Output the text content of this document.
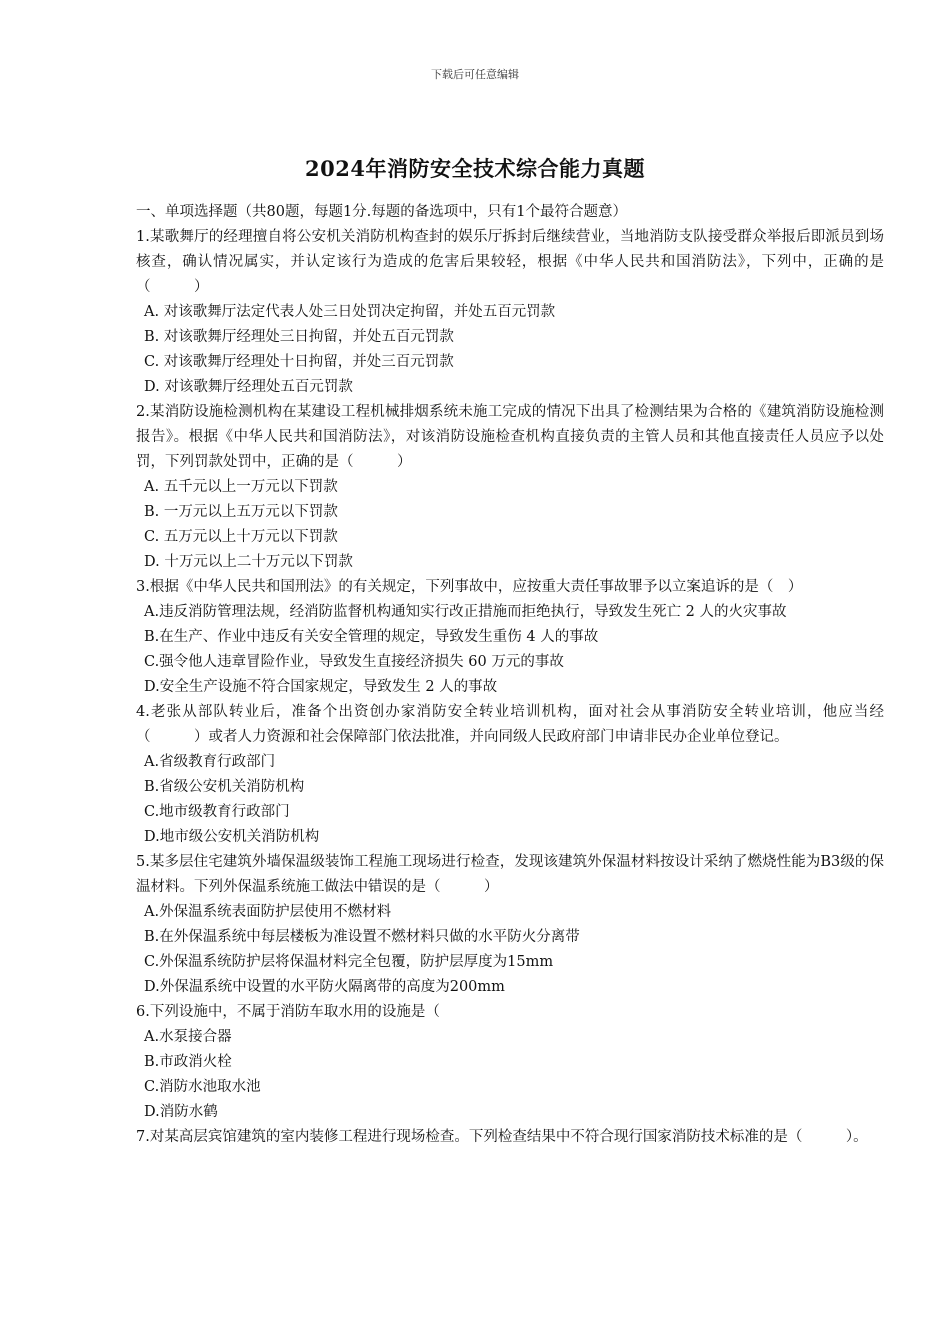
下载后可任意编辑
2024年消防安全技术综合能力真题

一、单项选择题（共80题，每题1分.每题的备选项中，只有1个最符合题意）

1.某歌舞厅的经理擅自将公安机关消防机构查封的娱乐厅拆封后继续营业，当地消防支队接受群众举报后即派员到场核查，确认情况属实，并认定该行为造成的危害后果较轻，根据《中华人民共和国消防法》，下列中，正确的是（　　　）

A. 对该歌舞厅法定代表人处三日处罚决定拘留，并处五百元罚款

B. 对该歌舞厅经理处三日拘留，并处五百元罚款

C. 对该歌舞厅经理处十日拘留，并处三百元罚款

D. 对该歌舞厅经理处五百元罚款

2.某消防设施检测机构在某建设工程机械排烟系统未施工完成的情况下出具了检测结果为合格的《建筑消防设施检测报告》。根据《中华人民共和国消防法》，对该消防设施检查机构直接负责的主管人员和其他直接责任人员应予以处罚，下列罚款处罚中，正确的是（　　　）

A. 五千元以上一万元以下罚款

B. 一万元以上五万元以下罚款

C. 五万元以上十万元以下罚款

D. 十万元以上二十万元以下罚款

3.根据《中华人民共和国刑法》的有关规定，下列事故中，应按重大责任事故罪予以立案追诉的是（　）

A.违反消防管理法规，经消防监督机构通知实行改正措施而拒绝执行，导致发生死亡 2 人的火灾事故

B.在生产、作业中违反有关安全管理的规定，导致发生重伤 4 人的事故

C.强令他人违章冒险作业，导致发生直接经济损失 60 万元的事故

D.安全生产设施不符合国家规定，导致发生 2 人的事故

4.老张从部队转业后，准备个出资创办家消防安全转业培训机构，面对社会从事消防安全转业培训，他应当经（　　　）或者人力资源和社会保障部门依法批准，并向同级人民政府部门申请非民办企业单位登记。

A.省级教育行政部门

B.省级公安机关消防机构

C.地市级教育行政部门

D.地市级公安机关消防机构

5.某多层住宅建筑外墙保温级装饰工程施工现场进行检查，发现该建筑外保温材料按设计采纳了燃烧性能为B3级的保温材料。下列外保温系统施工做法中错误的是（　　　）

A.外保温系统表面防护层使用不燃材料

B.在外保温系统中每层楼板为准设置不燃材料只做的水平防火分离带

C.外保温系统防护层将保温材料完全包覆，防护层厚度为15mm

D.外保温系统中设置的水平防火隔离带的高度为200mm

6.下列设施中，不属于消防车取水用的设施是（

A.水泵接合器

B.市政消火栓

C.消防水池取水池

D.消防水鹤

7.对某高层宾馆建筑的室内装修工程进行现场检查。下列检查结果中不符合现行国家消防技术标准的是（　　　）。
